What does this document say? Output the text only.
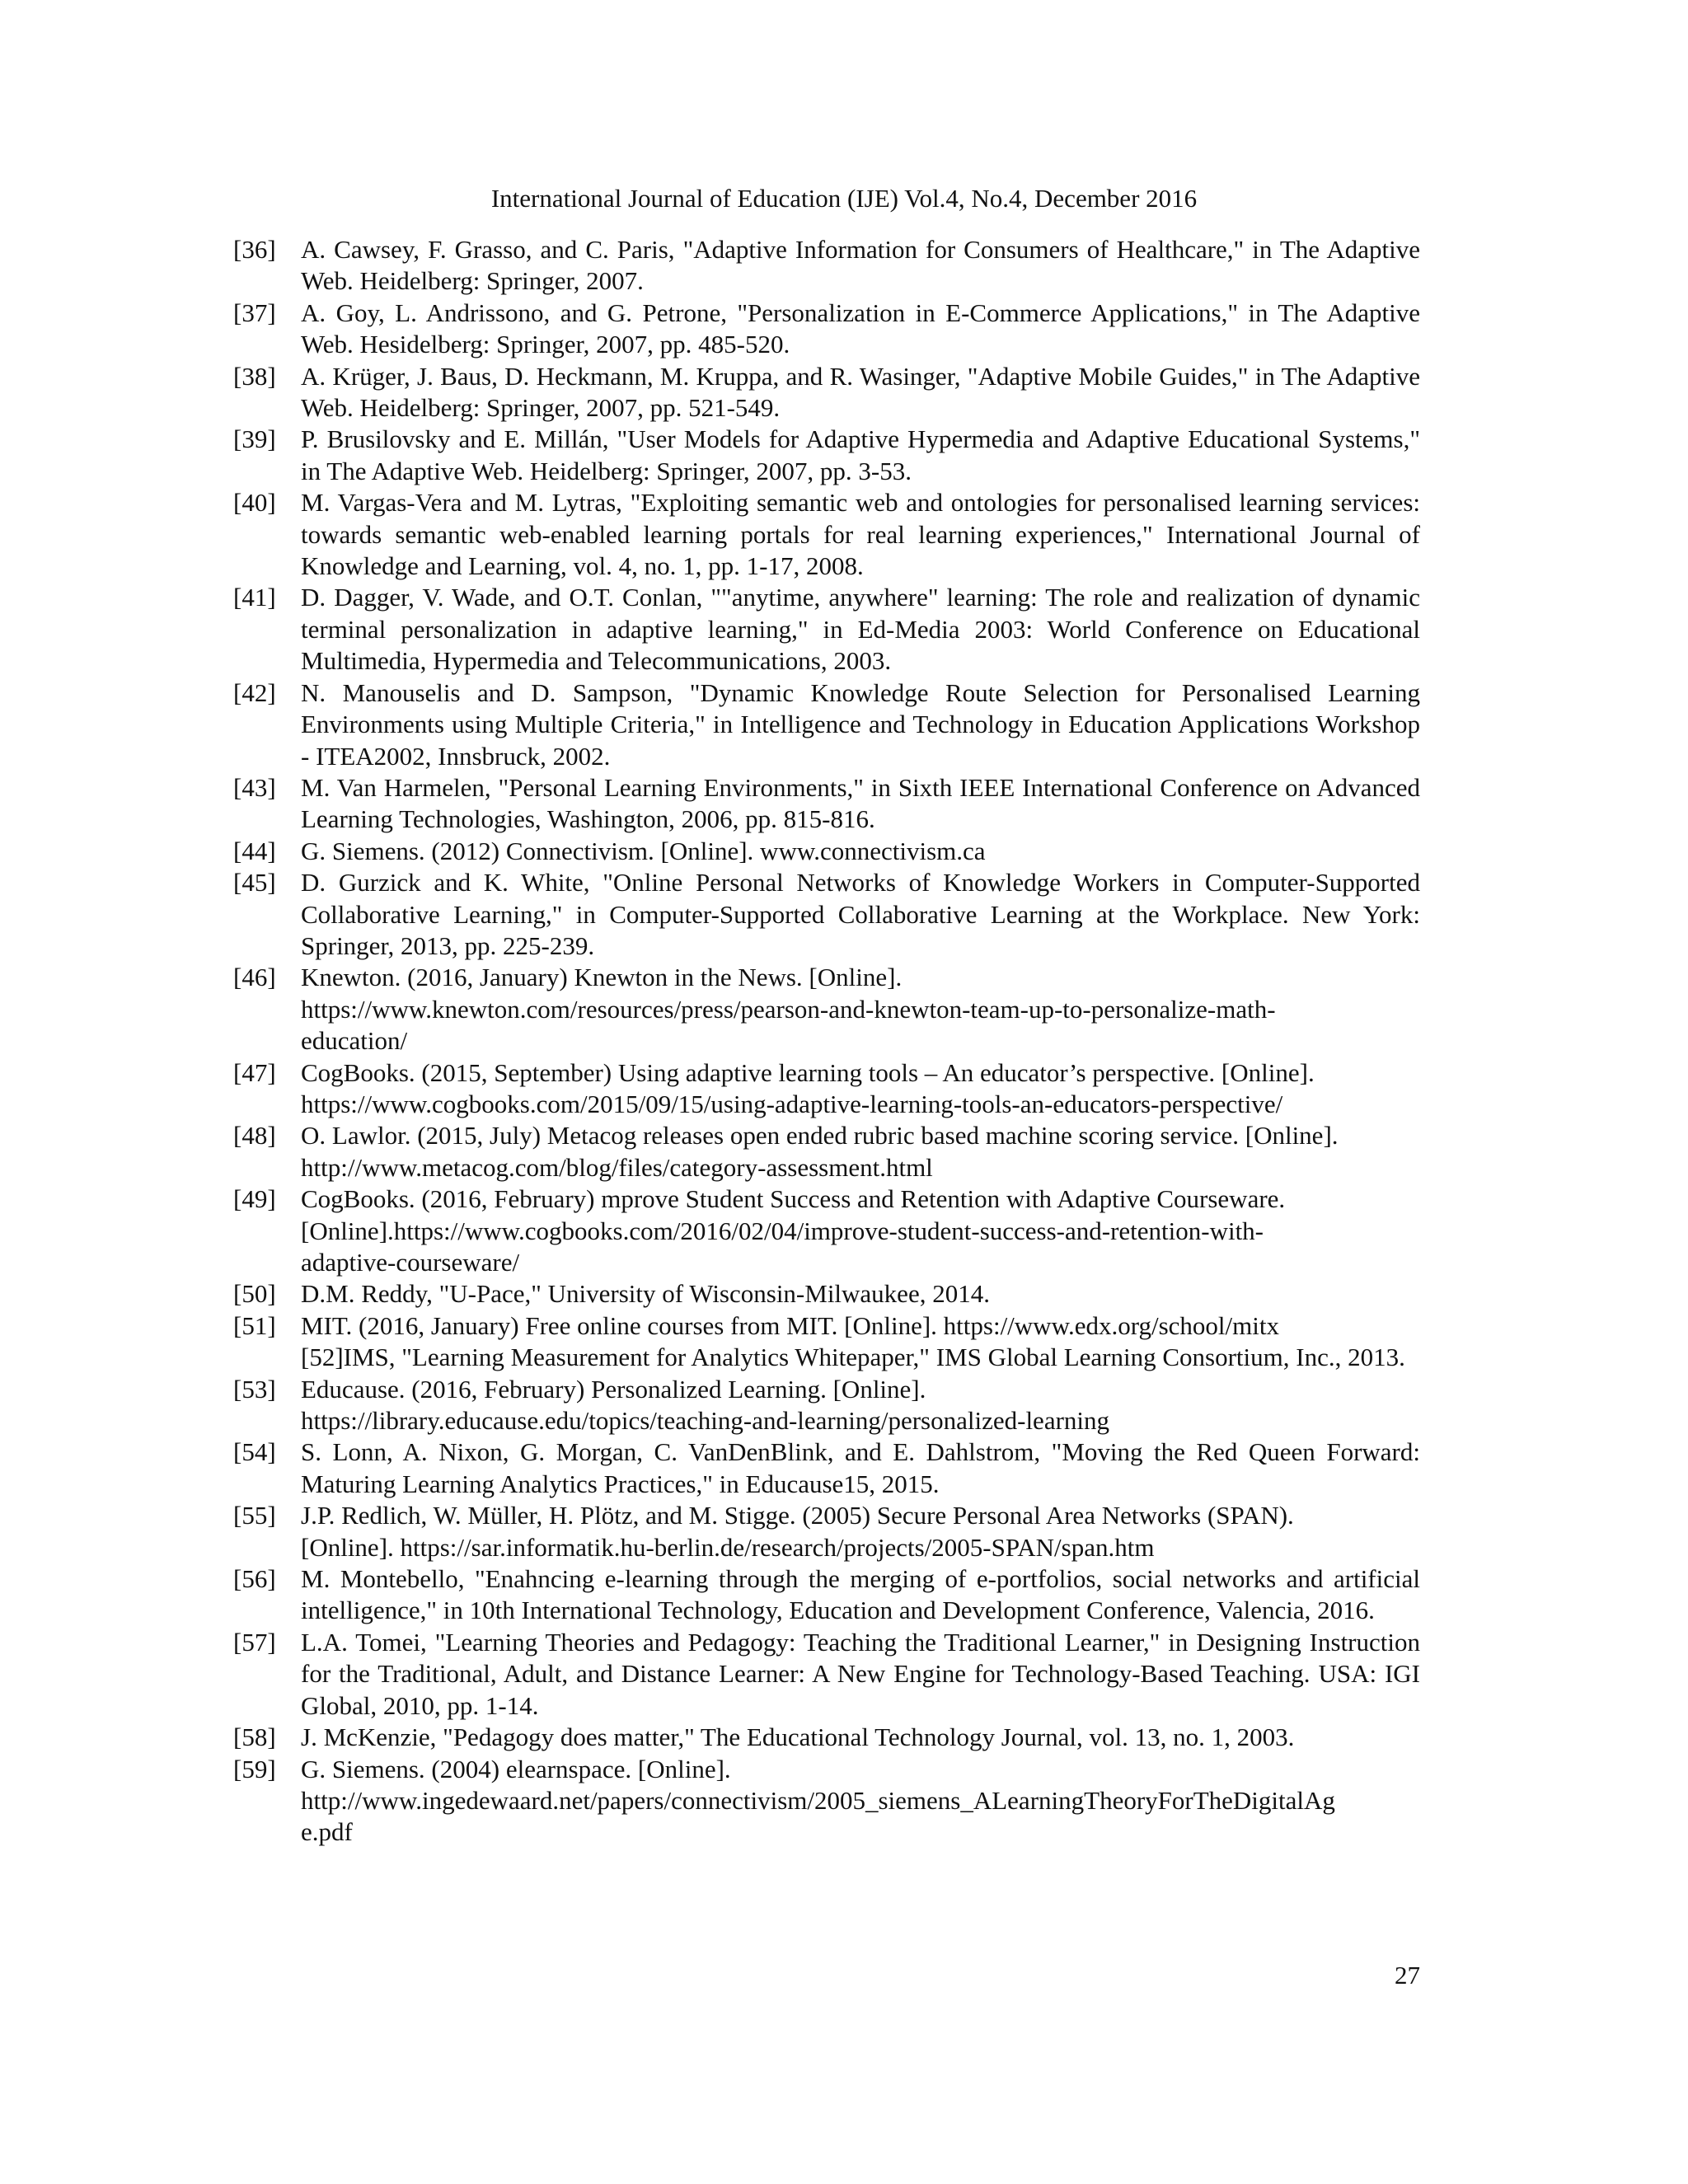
International Journal of Education (IJE) Vol.4, No.4, December 2016
[36] A. Cawsey, F. Grasso, and C. Paris, "Adaptive Information for Consumers of Healthcare," in The Adaptive Web. Heidelberg: Springer, 2007.
[37] A. Goy, L. Andrissono, and G. Petrone, "Personalization in E-Commerce Applications," in The Adaptive Web. Hesidelberg: Springer, 2007, pp. 485-520.
[38] A. Krüger, J. Baus, D. Heckmann, M. Kruppa, and R. Wasinger, "Adaptive Mobile Guides," in The Adaptive Web. Heidelberg: Springer, 2007, pp. 521-549.
[39] P. Brusilovsky and E. Millán, "User Models for Adaptive Hypermedia and Adaptive Educational Systems," in The Adaptive Web. Heidelberg: Springer, 2007, pp. 3-53.
[40] M. Vargas-Vera and M. Lytras, "Exploiting semantic web and ontologies for personalised learning services: towards semantic web-enabled learning portals for real learning experiences," International Journal of Knowledge and Learning, vol. 4, no. 1, pp. 1-17, 2008.
[41] D. Dagger, V. Wade, and O.T. Conlan, ""anytime, anywhere" learning: The role and realization of dynamic terminal personalization in adaptive learning," in Ed-Media 2003: World Conference on Educational Multimedia, Hypermedia and Telecommunications, 2003.
[42] N. Manouselis and D. Sampson, "Dynamic Knowledge Route Selection for Personalised Learning Environments using Multiple Criteria," in Intelligence and Technology in Education Applications Workshop - ITEA2002, Innsbruck, 2002.
[43] M. Van Harmelen, "Personal Learning Environments," in Sixth IEEE International Conference on Advanced Learning Technologies, Washington, 2006, pp. 815-816.
[44] G. Siemens. (2012) Connectivism. [Online]. www.connectivism.ca
[45] D. Gurzick and K. White, "Online Personal Networks of Knowledge Workers in Computer-Supported Collaborative Learning," in Computer-Supported Collaborative Learning at the Workplace. New York: Springer, 2013, pp. 225-239.
[46] Knewton. (2016, January) Knewton in the News. [Online].
https://www.knewton.com/resources/press/pearson-and-knewton-team-up-to-personalize-math-
education/
[47] CogBooks. (2015, September) Using adaptive learning tools – An educator’s perspective. [Online].
https://www.cogbooks.com/2015/09/15/using-adaptive-learning-tools-an-educators-perspective/
[48] O. Lawlor. (2015, July) Metacog releases open ended rubric based machine scoring service. [Online].
http://www.metacog.com/blog/files/category-assessment.html
[49] CogBooks. (2016, February) mprove Student Success and Retention with Adaptive Courseware.
[Online].https://www.cogbooks.com/2016/02/04/improve-student-success-and-retention-with-
adaptive-courseware/
[50] D.M. Reddy, "U-Pace," University of Wisconsin-Milwaukee, 2014.
[51] MIT. (2016, January) Free online courses from MIT. [Online]. https://www.edx.org/school/mitx
[52]IMS, "Learning Measurement for Analytics Whitepaper," IMS Global Learning Consortium, Inc., 2013.
[53] Educause. (2016, February) Personalized Learning. [Online].
https://library.educause.edu/topics/teaching-and-learning/personalized-learning
[54] S. Lonn, A. Nixon, G. Morgan, C. VanDenBlink, and E. Dahlstrom, "Moving the Red Queen Forward: Maturing Learning Analytics Practices," in Educause15, 2015.
[55] J.P. Redlich, W. Müller, H. Plötz, and M. Stigge. (2005) Secure Personal Area Networks (SPAN).
[Online]. https://sar.informatik.hu-berlin.de/research/projects/2005-SPAN/span.htm
[56] M. Montebello, "Enahncing e-learning through the merging of e-portfolios, social networks and artificial intelligence," in 10th International Technology, Education and Development Conference, Valencia, 2016.
[57] L.A. Tomei, "Learning Theories and Pedagogy: Teaching the Traditional Learner," in Designing Instruction for the Traditional, Adult, and Distance Learner: A New Engine for Technology-Based Teaching. USA: IGI Global, 2010, pp. 1-14.
[58] J. McKenzie, "Pedagogy does matter," The Educational Technology Journal, vol. 13, no. 1, 2003.
[59] G. Siemens. (2004) elearnspace. [Online].
http://www.ingedewaard.net/papers/connectivism/2005_siemens_ALearningTheoryForTheDigitalAg
e.pdf
27
